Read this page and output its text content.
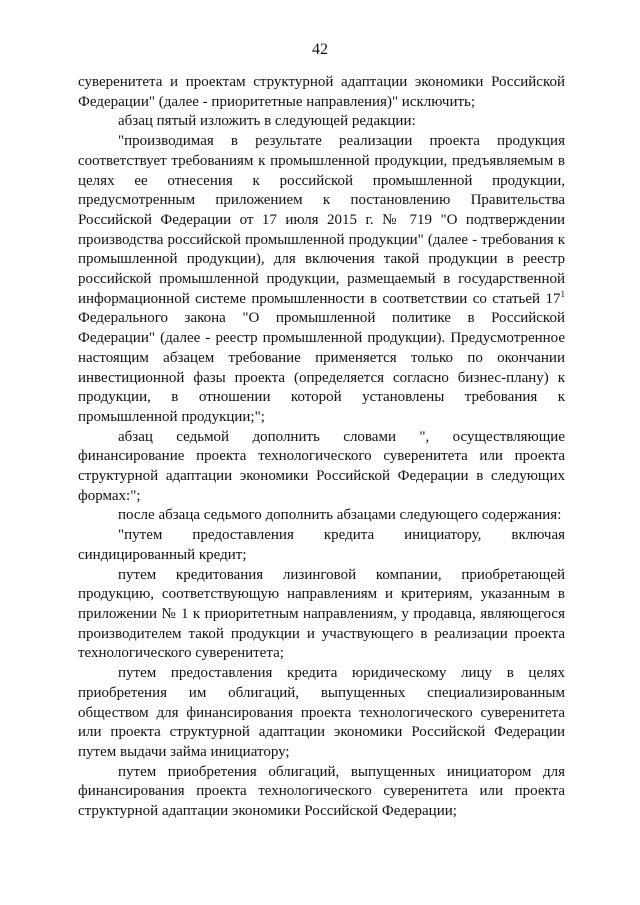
42

суверенитета и проектам структурной адаптации экономики Российской Федерации" (далее - приоритетные направления)" исключить;

абзац пятый изложить в следующей редакции:

"производимая в результате реализации проекта продукция соответствует требованиям к промышленной продукции, предъявляемым в целях ее отнесения к российской промышленной продукции, предусмотренным приложением к постановлению Правительства Российской Федерации от 17 июля 2015 г. № 719 "О подтверждении производства российской промышленной продукции" (далее - требования к промышленной продукции), для включения такой продукции в реестр российской промышленной продукции, размещаемый в государственной информационной системе промышленности в соответствии со статьей $17^1$ Федерального закона "О промышленной политике в Российской Федерации" (далее - реестр промышленной продукции). Предусмотренное настоящим абзацем требование применяется только по окончании инвестиционной фазы проекта (определяется согласно бизнес-плану) к продукции, в отношении которой установлены требования к промышленной продукции;";

абзац седьмой дополнить словами ", осуществляющие финансирование проекта технологического суверенитета или проекта структурной адаптации экономики Российской Федерации в следующих формах:";

после абзаца седьмого дополнить абзацами следующего содержания:

"путем предоставления кредита инициатору, включая синдицированный кредит;

путем кредитования лизинговой компании, приобретающей продукцию, соответствующую направлениям и критериям, указанным в приложении № 1 к приоритетным направлениям, у продавца, являющегося производителем такой продукции и участвующего в реализации проекта технологического суверенитета;

путем предоставления кредита юридическому лицу в целях приобретения им облигаций, выпущенных специализированным обществом для финансирования проекта технологического суверенитета или проекта структурной адаптации экономики Российской Федерации путем выдачи займа инициатору;

путем приобретения облигаций, выпущенных инициатором для финансирования проекта технологического суверенитета или проекта структурной адаптации экономики Российской Федерации;
